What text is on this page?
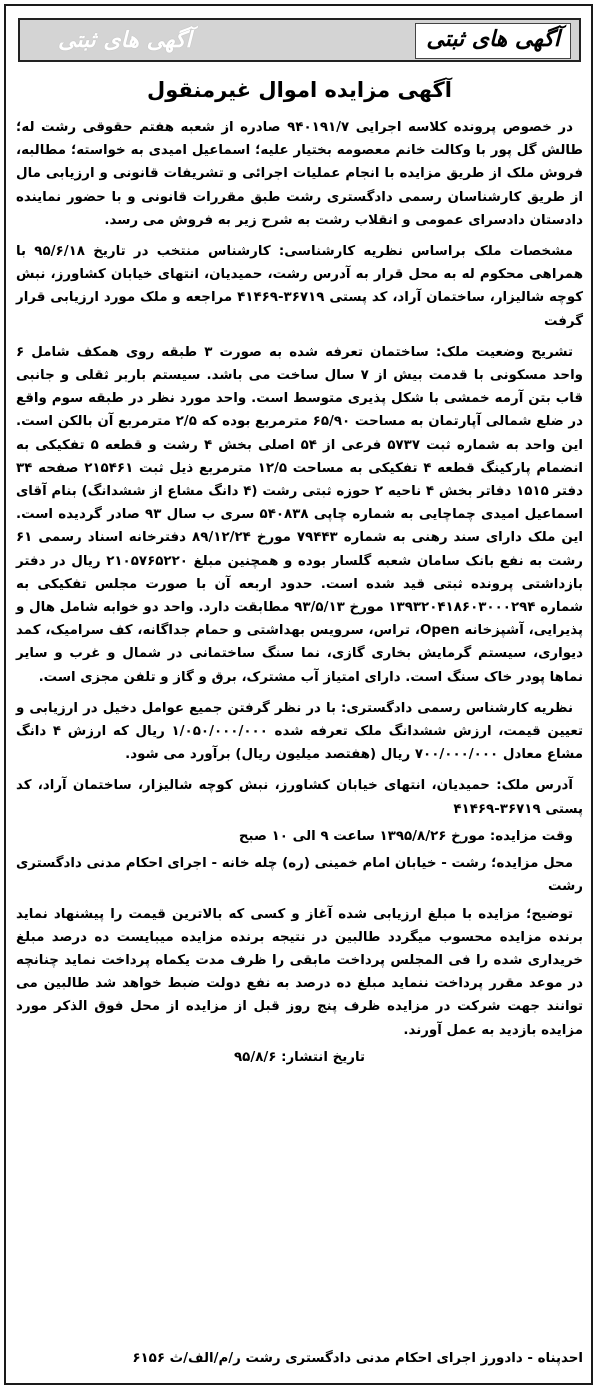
آگهی های ثبتی	آگهی های ثبتی
آگهی مزایده اموال غیرمنقول

در خصوص پرونده کلاسه اجرایی ۹۴۰۱۹۱/۷ صادره از شعبه هفتم حقوقی رشت له؛ طالش گل پور با وکالت خانم معصومه بختیار علیه؛ اسماعیل امیدی به خواسته؛ مطالبه، فروش ملک از طریق مزایده با انجام عملیات اجرائی و تشریفات قانونی و ارزیابی مال از طریق کارشناسان رسمی دادگستری رشت طبق مقررات قانونی و با حضور نماینده دادستان دادسرای عمومی و انقلاب رشت به شرح زیر به فروش می رسد.

مشخصات ملک براساس نظریه کارشناسی: کارشناس منتخب در تاریخ ۹۵/۶/۱۸ با همراهی محکوم له به محل قرار به آدرس رشت، حمیدیان، انتهای خیابان کشاورز، نبش کوچه شالیزار، ساختمان آراد، کد پستی ۳۶۷۱۹-۴۱۴۶۹ مراجعه و ملک مورد ارزیابی قرار گرفت

تشریح وضعیت ملک: ساختمان تعرفه شده به صورت ۳ طبقه روی همکف شامل ۶ واحد مسکونی با قدمت بیش از ۷ سال ساخت می باشد. سیستم باربر ثقلی و جانبی قاب بتن آرمه خمشی با شکل پذیری متوسط است. واحد مورد نظر در طبقه سوم واقع در ضلع شمالی آپارتمان به مساحت ۶۵/۹۰ مترمربع بوده که ۲/۵ مترمربع آن بالکن است. این واحد به شماره ثبت ۵۷۳۷ فرعی از ۵۴ اصلی بخش ۴ رشت و قطعه ۵ تفکیکی به انضمام پارکینگ قطعه ۴ تفکیکی به مساحت ۱۲/۵ مترمربع ذیل ثبت ۲۱۵۴۶۱ صفحه ۳۴ دفتر ۱۵۱۵ دفاتر بخش ۴ ناحیه ۲ حوزه ثبتی رشت (۴ دانگ مشاع از ششدانگ) بنام آقای اسماعیل امیدی چماچایی به شماره چاپی ۵۴۰۸۳۸ سری ب سال ۹۳ صادر گردیده است. این ملک دارای سند رهنی به شماره ۷۹۴۴۳ مورخ ۸۹/۱۲/۲۴ دفترخانه اسناد رسمی ۶۱ رشت به نفع بانک سامان شعبه گلسار بوده و همچنین مبلغ ۲۱۰۵۷۶۵۲۲۰ ریال در دفتر بازداشتی پرونده ثبتی قید شده است. حدود اربعه آن با صورت مجلس تفکیکی به شماره ۱۳۹۳۲۰۴۱۸۶۰۳۰۰۰۲۹۴ مورخ ۹۳/۵/۱۳ مطابقت دارد. واحد دو خوابه شامل هال و پذیرایی، آشپزخانه Open، تراس، سرویس بهداشتی و حمام جداگانه، کف سرامیک، کمد دیواری، سیستم گرمایش بخاری گازی، نما سنگ ساختمانی در شمال و غرب و سایر نماها پودر خاک سنگ است. دارای امتیاز آب مشترک، برق و گاز و تلفن مجزی است.

نظریه کارشناس رسمی دادگستری: با در نظر گرفتن جمیع عوامل دخیل در ارزیابی و تعیین قیمت، ارزش ششدانگ ملک تعرفه شده ۱/۰۵۰/۰۰۰/۰۰۰ ریال که ارزش ۴ دانگ مشاع معادل ۷۰۰/۰۰۰/۰۰۰ ریال (هفتصد میلیون ریال) برآورد می شود.

آدرس ملک: حمیدیان، انتهای خیابان کشاورز، نبش کوچه شالیزار، ساختمان آراد، کد پستی ۳۶۷۱۹-۴۱۴۶۹

وقت مزایده: مورخ ۱۳۹۵/۸/۲۶ ساعت ۹ الی ۱۰ صبح

محل مزایده؛ رشت - خیابان امام خمینی (ره) چله خانه - اجرای احکام مدنی دادگستری رشت

توضیح؛ مزایده با مبلغ ارزیابی شده آغاز و کسی که بالاترین قیمت را پیشنهاد نماید برنده مزایده محسوب میگردد طالبین در نتیجه برنده مزایده میبایست ده درصد مبلغ خریداری شده را فی المجلس پرداخت مابقی را ظرف مدت یکماه پرداخت نماید چنانچه در موعد مقرر پرداخت ننماید مبلغ ده درصد به نفع دولت ضبط خواهد شد طالبین می توانند جهت شرکت در مزایده ظرف پنج روز قبل از مزایده از محل فوق الذکر مورد مزایده بازدید به عمل آورند.

تاریخ انتشار: ۹۵/۸/۶

احدپناه - دادورز اجرای احکام مدنی دادگستری رشت ر/م/الف/ث ۶۱۵۶
